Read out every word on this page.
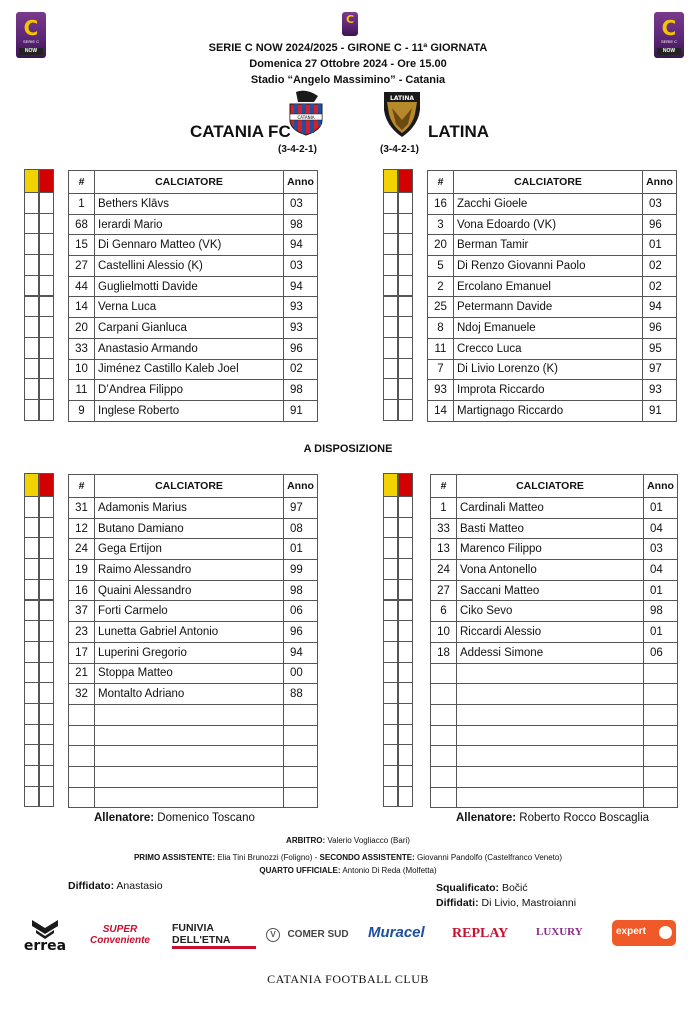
C
SERIE C
NOW
C	C
SERIE C
NOW
SERIE C NOW 2024/2025 - GIRONE C - 11ª GIORNATA
Domenica 27 Ottobre 2024 - Ore 15.00
Stadio “Angelo Massimino” - Catania
CATANIA
LATINA
CATANIA FC	LATINA
(3-4-2-1)	(3-4-2-1)
#	CALCIATORE	Anno
1	Bethers Klāvs	03
68	Ierardi Mario	98
15	Di Gennaro Matteo (VK)	94
27	Castellini Alessio (K)	03
44	Guglielmotti Davide	94
14	Verna Luca	93
20	Carpani Gianluca	93
33	Anastasio Armando	96
10	Jiménez Castillo Kaleb Joel	02
11	D’Andrea Filippo	98
9	Inglese Roberto	91
#	CALCIATORE	Anno
16	Zacchi Gioele	03
3	Vona Edoardo (VK)	96
20	Berman Tamir	01
5	Di Renzo Giovanni Paolo	02
2	Ercolano Emanuel	02
25	Petermann Davide	94
8	Ndoj Emanuele	96
11	Crecco Luca	95
7	Di Livio Lorenzo (K)	97
93	Improta Riccardo	93
14	Martignago Riccardo	91
A DISPOSIZIONE
#	CALCIATORE	Anno
31	Adamonis Marius	97
12	Butano Damiano	08
24	Gega Ertijon	01
19	Raimo Alessandro	99
16	Quaini Alessandro	98
37	Forti Carmelo	06
23	Lunetta Gabriel Antonio	96
17	Luperini Gregorio	94
21	Stoppa Matteo	00
32	Montalto Adriano	88

#	CALCIATORE	Anno
1	Cardinali Matteo	01
33	Basti Matteo	04
13	Marenco Filippo	03
24	Vona Antonello	04
27	Saccani Matteo	01
6	Ciko Sevo	98
10	Riccardi Alessio	01
18	Addessi Simone	06

Allenatore: Domenico Toscano	Allenatore: Roberto Rocco Boscaglia
ARBITRO: Valerio Vogliacco (Bari)
PRIMO ASSISTENTE: Elia Tini Brunozzi (Foligno) - SECONDO ASSISTENTE: Giovanni Pandolfo (Castelfranco Veneto)
QUARTO UFFICIALE: Antonio Di Reda (Molfetta)
Diffidato: Anastasio	Squalificato: Bočić
Diffidati: Di Livio, Mastroianni
errea
SUPER Conveniente
FUNIVIA DELL'ETNA	V COMER SUD Muracel REPLAY	LUXURY	expert
CATANIA FOOTBALL CLUB
